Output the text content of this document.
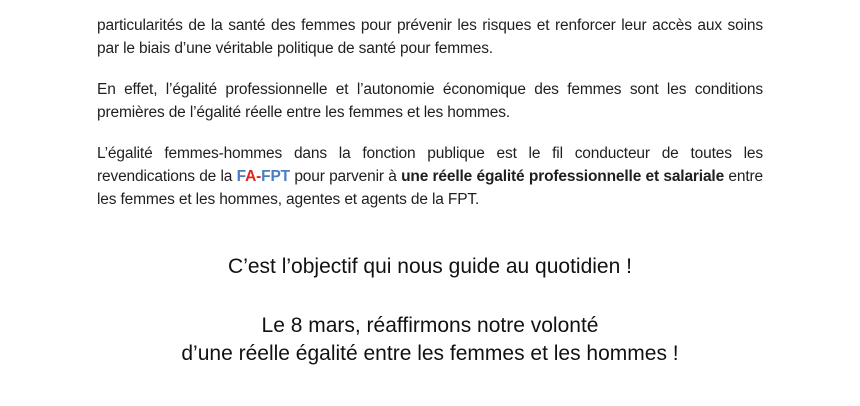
particularités de la santé des femmes pour prévenir les risques et renforcer leur accès aux soins par le biais d’une véritable politique de santé pour femmes.

En effet, l’égalité professionnelle et l’autonomie économique des femmes sont les conditions premières de l’égalité réelle entre les femmes et les hommes.

L’égalité femmes-hommes dans la fonction publique est le fil conducteur de toutes les revendications de la FA-FPT pour parvenir à une réelle égalité professionnelle et salariale entre les femmes et les hommes, agentes et agents de la FPT.

C’est l’objectif qui nous guide au quotidien !
Le 8 mars, réaffirmons notre volonté
d’une réelle égalité entre les femmes et les hommes !
